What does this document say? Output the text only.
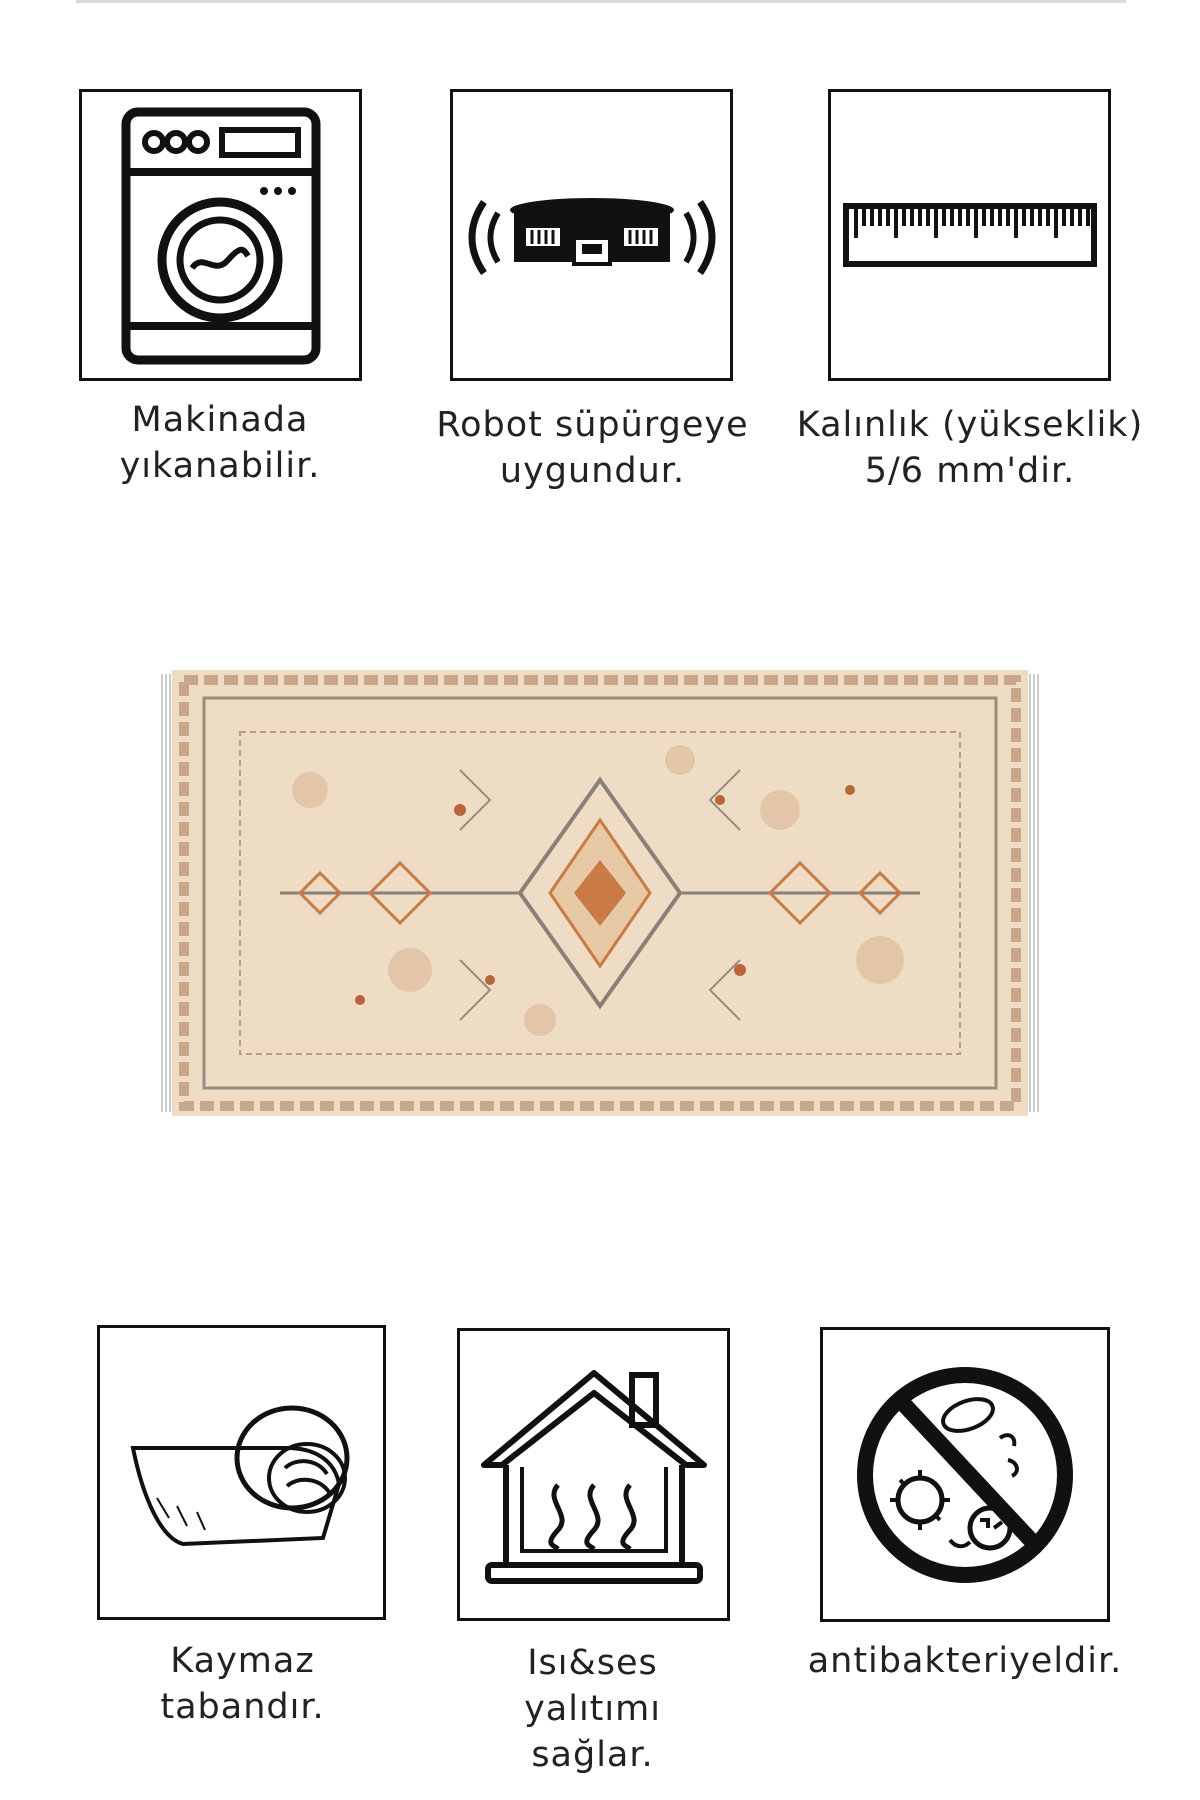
Makinada
yıkanabilir.
Robot süpürgeye
uygundur.
Kalınlık (yükseklik)
5/6 mm'dir.
Kaymaz
tabandır.
Isı&ses
yalıtımı
sağlar.
antibakteriyeldir.
